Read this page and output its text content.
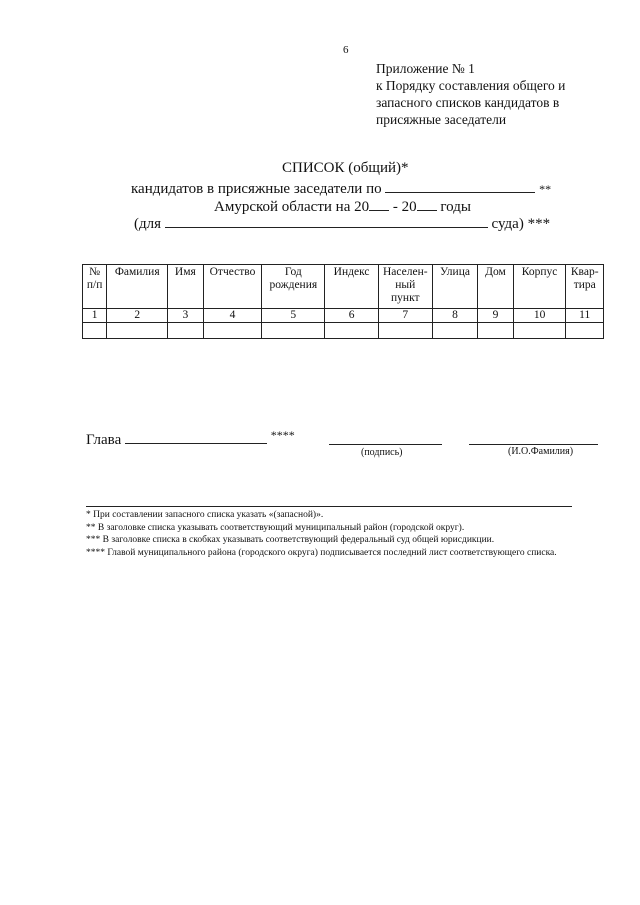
6
Приложение № 1
к Порядку составления общего и
запасного списков кандидатов в
присяжные заседатели
СПИСОК (общий)*
кандидатов в присяжные заседатели по	**
Амурской области на 20 - 20 годы
(для	суда) ***
№ п/п	Фамилия	Имя	Отчество	Год рождения	Индекс	Населен-ный пункт	Улица	Дом	Корпус	Квар-тира
1	2	3	4	5	6	7	8	9	10	11

Глава	****
(подпись)	(И.О.Фамилия)
* При составлении запасного списка указать «(запасной)».
** В заголовке списка указывать соответствующий муниципальный район (городской округ).
*** В заголовке списка в скобках указывать соответствующий федеральный суд общей юрисдикции.
**** Главой муниципального района (городского округа) подписывается последний лист соответствующего списка.
